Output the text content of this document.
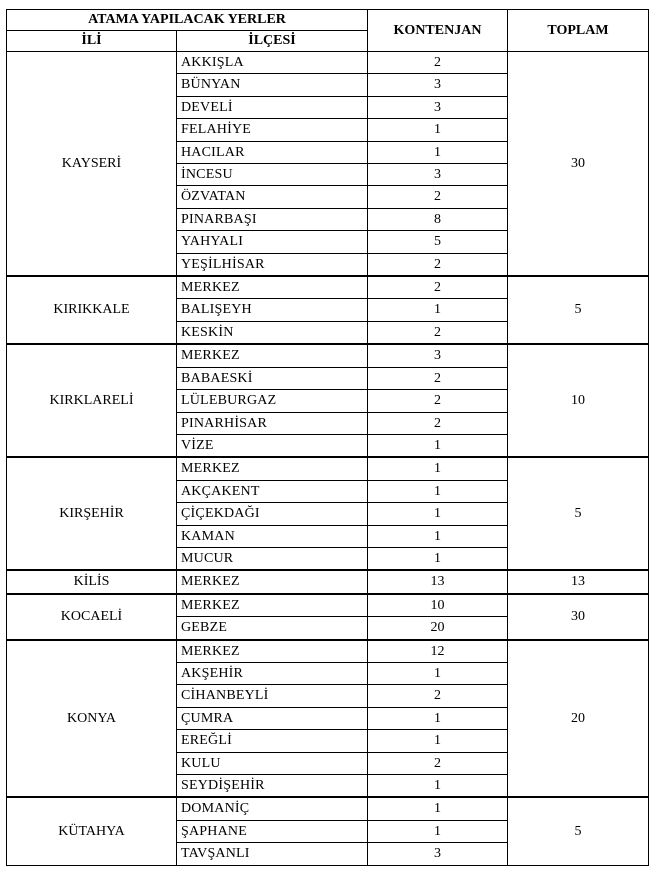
ATAMA YAPILACAK YERLER		KONTENJAN	TOPLAM
İLİ	İLÇESİ		
KAYSERİ	AKKIŞLA	2	30
	BÜNYAN	3	
	DEVELİ	3	
	FELAHİYE	1	
	HACILAR	1	
	İNCESU	3	
	ÖZVATAN	2	
	PINARBAŞI	8	
	YAHYALI	5	
	YEŞİLHİSAR	2	
KIRIKKALE	MERKEZ	2	5
	BALIŞEYH	1	
	KESKİN	2	
KIRKLARELİ	MERKEZ	3	10
	BABAESKİ	2	
	LÜLEBURGAZ	2	
	PINARHİSAR	2	
	VİZE	1	
KIRŞEHİR	MERKEZ	1	5
	AKÇAKENT	1	
	ÇİÇEKDAĞI	1	
	KAMAN	1	
	MUCUR	1	
KİLİS	MERKEZ	13	13
KOCAELİ	MERKEZ	10	30
	GEBZE	20	
KONYA	MERKEZ	12	20
	AKŞEHİR	1	
	CİHANBEYLİ	2	
	ÇUMRA	1	
	EREĞLİ	1	
	KULU	2	
	SEYDİŞEHİR	1	
KÜTAHYA	DOMANİÇ	1	5
	ŞAPHANE	1	
	TAVŞANLI	3	
